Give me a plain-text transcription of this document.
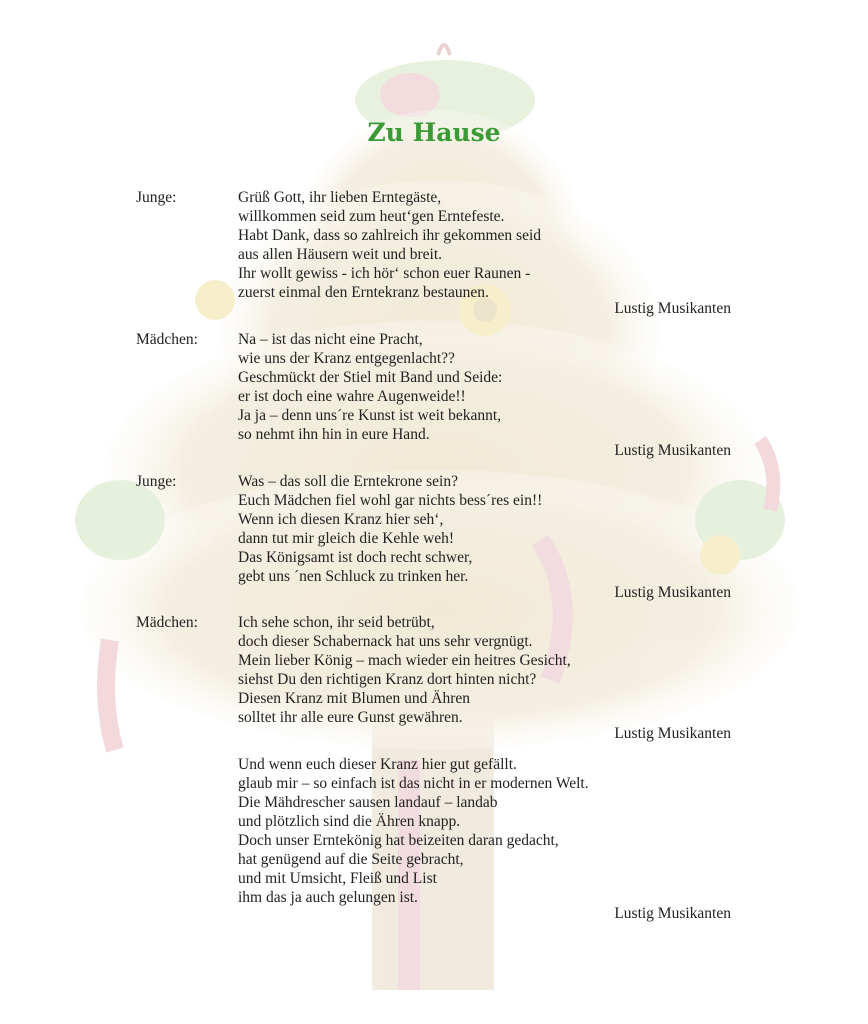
Zu Hause
Junge:	Grüß Gott, ihr lieben Erntegäste,
willkommen seid zum heut‘gen Erntefeste.
Habt Dank, dass so zahlreich ihr gekommen seid
aus allen Häusern weit und breit.
Ihr wollt gewiss - ich hör‘ schon euer Raunen -
zuerst einmal den Erntekranz bestaunen.
Lustig Musikanten
Mädchen:	Na – ist das nicht eine Pracht,
wie uns der Kranz entgegenlacht??
Geschmückt der Stiel mit Band und Seide:
er ist doch eine wahre Augenweide!!
Ja ja – denn uns´re Kunst ist weit bekannt,
so nehmt ihn hin in eure Hand.
Lustig Musikanten
Junge:	Was – das soll die Erntekrone sein?
Euch Mädchen fiel wohl gar nichts bess´res ein!!
Wenn ich diesen Kranz hier seh‘,
dann tut mir gleich die Kehle weh!
Das Königsamt ist doch recht schwer,
gebt uns ´nen Schluck zu trinken her.
Lustig Musikanten
Mädchen:	Ich sehe schon, ihr seid betrübt,
doch dieser Schabernack hat uns sehr vergnügt.
Mein lieber König – mach wieder ein heitres Gesicht,
siehst Du den richtigen Kranz dort hinten nicht?
Diesen Kranz mit Blumen und Ähren
solltet ihr alle eure Gunst gewähren.
Lustig Musikanten
Und wenn euch dieser Kranz hier gut gefällt.
glaub mir – so einfach ist das nicht in er modernen Welt.
Die Mähdrescher sausen landauf – landab
und plötzlich sind die Ähren knapp.
Doch unser Erntekönig hat beizeiten daran gedacht,
hat genügend auf die Seite gebracht,
und mit Umsicht, Fleiß und List
ihm das ja auch gelungen ist.
Lustig Musikanten
